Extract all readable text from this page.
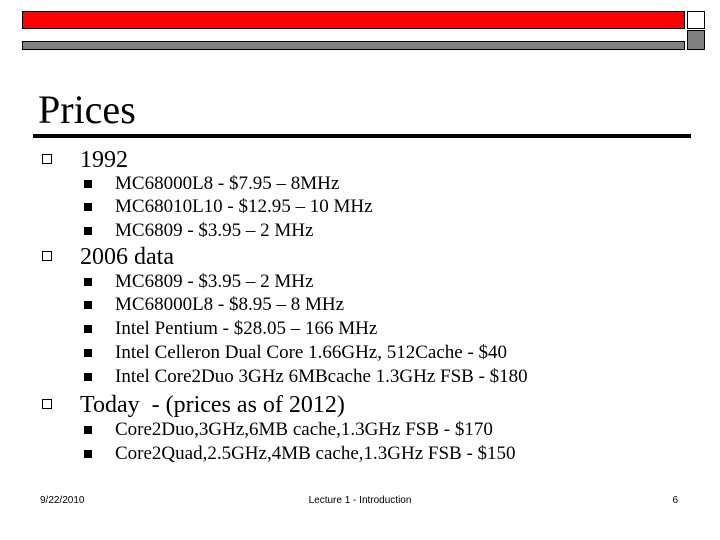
Prices
1992
MC68000L8 - $7.95 – 8MHz
MC68010L10 - $12.95 – 10 MHz
MC6809 - $3.95 – 2 MHz
2006 data
MC6809 - $3.95 – 2 MHz
MC68000L8 - $8.95 – 8 MHz
Intel Pentium - $28.05 – 166 MHz
Intel Celleron Dual Core 1.66GHz, 512Cache - $40
Intel Core2Duo 3GHz 6MBcache 1.3GHz FSB - $180
Today  - (prices as of 2012)
Core2Duo,3GHz,6MB cache,1.3GHz FSB - $170
Core2Quad,2.5GHz,4MB cache,1.3GHz FSB - $150
9/22/2010	Lecture 1 - Introduction	6
